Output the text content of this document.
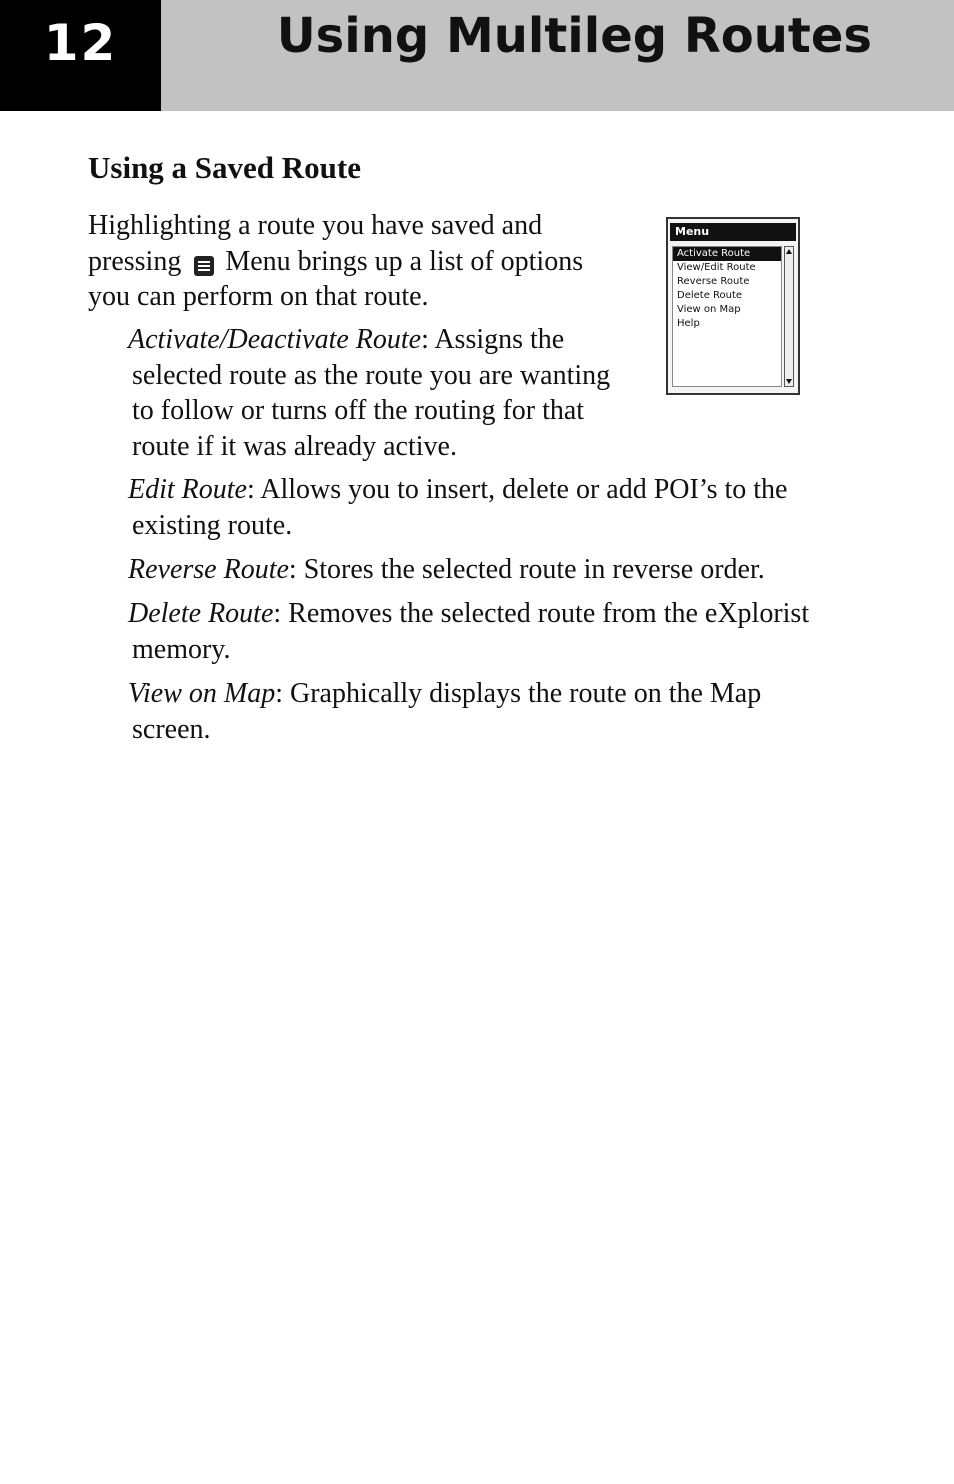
12	Using Multileg Routes
Using a Saved Route

Highlighting a route you have saved and pressing Menu brings up a list of options you can perform on that route.

Activate/Deactivate Route: Assigns the
selected route as the route you are wanting to follow or turns off the routing for that route if it was already active.

Edit Route: Allows you to insert, delete or add POI’s to the
existing route.

Reverse Route: Stores the selected route in reverse order.

Delete Route: Removes the selected route from the eXplorist
memory.

View on Map: Graphically displays the route on the Map
screen.

Menu
Activate Route
View/Edit Route
Reverse Route
Delete Route
View on Map
Help
